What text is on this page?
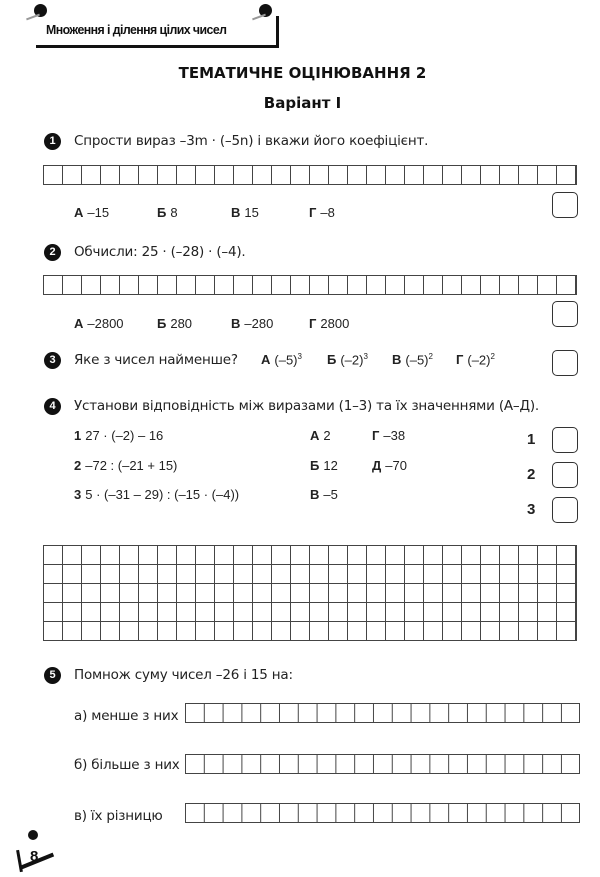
Множення і ділення цілих чисел
ТЕМАТИЧНЕ ОЦІНЮВАННЯ 2
Варіант I
1	Спрости вираз –3m · (–5n) і вкажи його коефіцієнт.
А –15	Б 8	В 15	Г –8
2	Обчисли: 25 · (–28) · (–4).
А –2800	Б 280	В –280	Г 2800
3	Яке з чисел найменше? А $(-5)^3$ Б $(-2)^3$ В $(-5)^2$ Г $(-2)^2$
4	Установи відповідність між виразами (1–3) та їх значеннями (А–Д).
1 27 · (–2) – 16
2 –72 : (–21 + 15)
3 5 · (–31 – 29) : (–15 · (–4))
А 2
Б 12
В –5
Г –38
Д –70
1
2
3
5	Помнож суму чисел –26 і 15 на:
а) менше з них
б) більше з них
в) їх різницю
8
